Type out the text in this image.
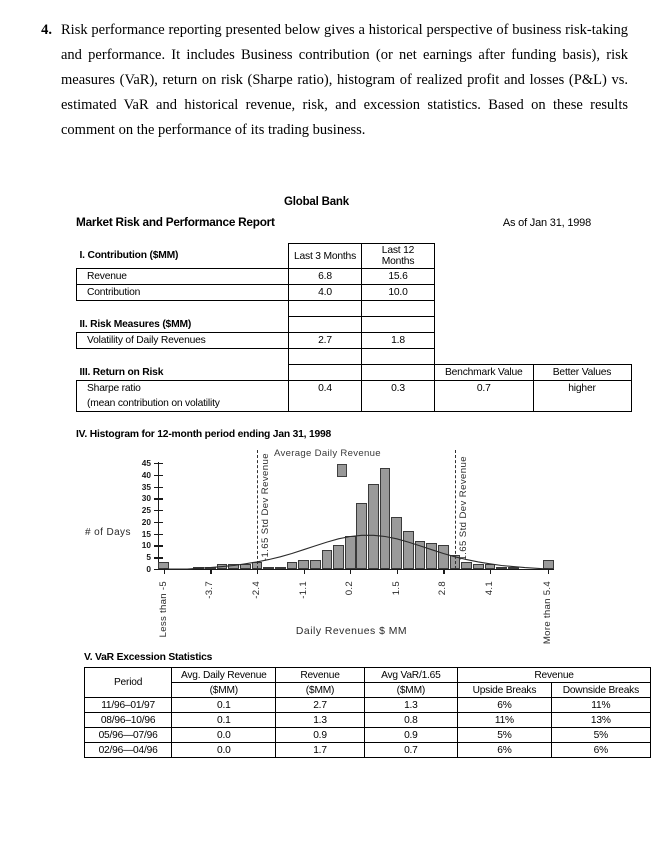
4. Risk performance reporting presented below gives a historical perspective of business risk-taking and performance. It includes Business contribution (or net earnings after funding basis), risk measures (VaR), return on risk (Sharpe ratio), histogram of realized profit and losses (P&L) vs. estimated VaR and historical revenue, risk, and excession statistics. Based on these results comment on the performance of its trading business.
Global Bank
Market Risk and Performance Report	As of Jan 31, 1998
I. Contribution ($MM)	Last 3 Months	Last 12 Months		
Revenue	6.8	15.6		
Contribution	4.0	10.0		

II. Risk Measures ($MM)				
Volatility of Daily Revenues	2.7	1.8		

III. Return on Risk			Benchmark Value	Better Values
Sharpe ratio	0.4	0.3	0.7	higher
(mean contribution on volatility				
IV. Histogram for 12-month period ending Jan 31, 1998
Average Daily Revenue
# of Days
0
5
10
15
20
25
30
35
40
45
Less than -5	-3.7	-2.4	-1.1	0.2	1.5	2.8	4.1	More than 5.4
-1.65 Std Dev Revenue	1.65 Std Dev Revenue
Daily Revenues $ MM
V. VaR Excession Statistics
Period	Avg. Daily Revenue	Revenue	Avg VaR/1.65	Revenue	
	($MM)	($MM)	($MM)	Upside Breaks	Downside Breaks
11/96–01/97	0.1	2.7	1.3	6%	11%
08/96–10/96	0.1	1.3	0.8	11%	13%
05/96—07/96	0.0	0.9	0.9	5%	5%
02/96—04/96	0.0	1.7	0.7	6%	6%
